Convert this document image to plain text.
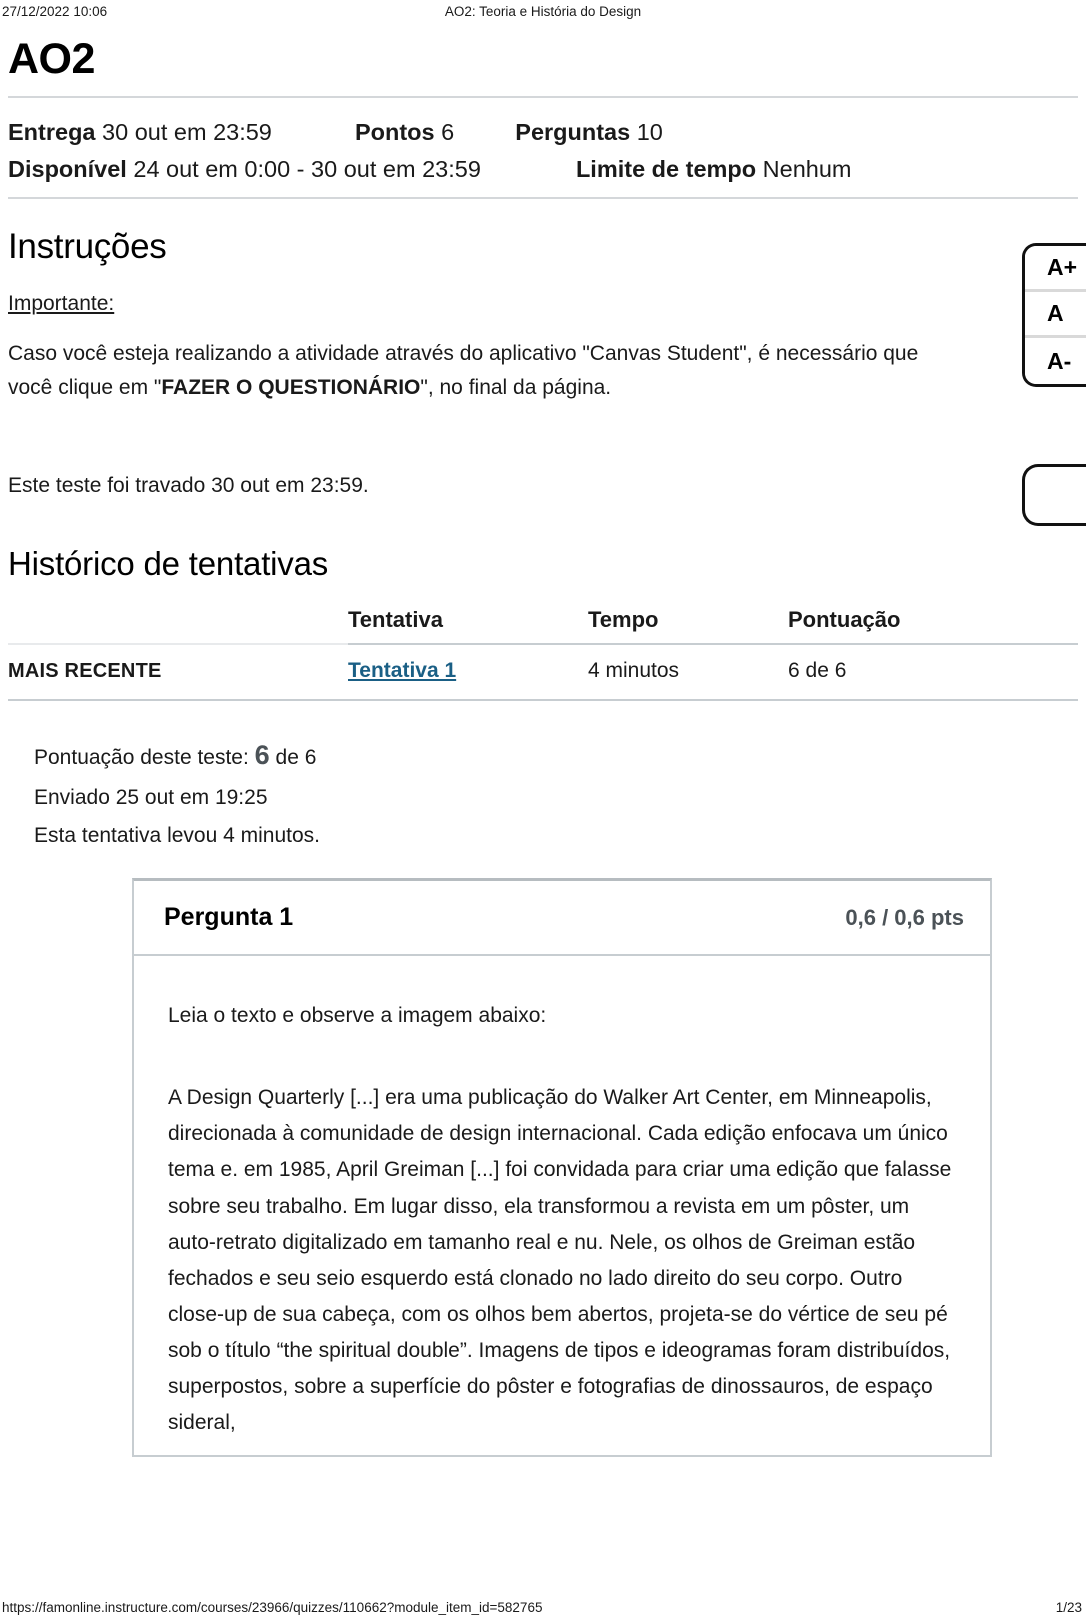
27/12/2022 10:06	AO2: Teoria e História do Design
AO2
Entrega 30 out em 23:59	Pontos 6	Perguntas 10
Disponível 24 out em 0:00 - 30 out em 23:59	Limite de tempo Nenhum
Instruções

Importante:

Caso você esteja realizando a atividade através do aplicativo "Canvas Student", é necessário que
você clique em "FAZER O QUESTIONÁRIO", no final da página.

Este teste foi travado 30 out em 23:59.

Histórico de tentativas
	Tentativa	Tempo	Pontuação
MAIS RECENTE	Tentativa 1	4 minutos	6 de 6
Pontuação deste teste: 6 de 6
Enviado 25 out em 19:25
Esta tentativa levou 4 minutos.
Pergunta 1	0,6 / 0,6 pts

Leia o texto e observe a imagem abaixo:

A Design Quarterly [...] era uma publicação do Walker Art Center, em Minneapolis, direcionada à comunidade de design internacional. Cada edição enfocava um único tema e. em 1985, April Greiman [...] foi convidada para criar uma edição que falasse sobre seu trabalho. Em lugar disso, ela transformou a revista em um pôster, um auto-retrato digitalizado em tamanho real e nu. Nele, os olhos de Greiman estão fechados e seu seio esquerdo está clonado no lado direito do seu corpo. Outro close-up de sua cabeça, com os olhos bem abertos, projeta-se do vértice de seu pé sob o título “the spiritual double”. Imagens de tipos e ideogramas foram distribuídos, superpostos, sobre a superfície do pôster e fotografias de dinossauros, de espaço sideral,

A+
A
A-
https://famonline.instructure.com/courses/23966/quizzes/110662?module_item_id=582765	1/23
